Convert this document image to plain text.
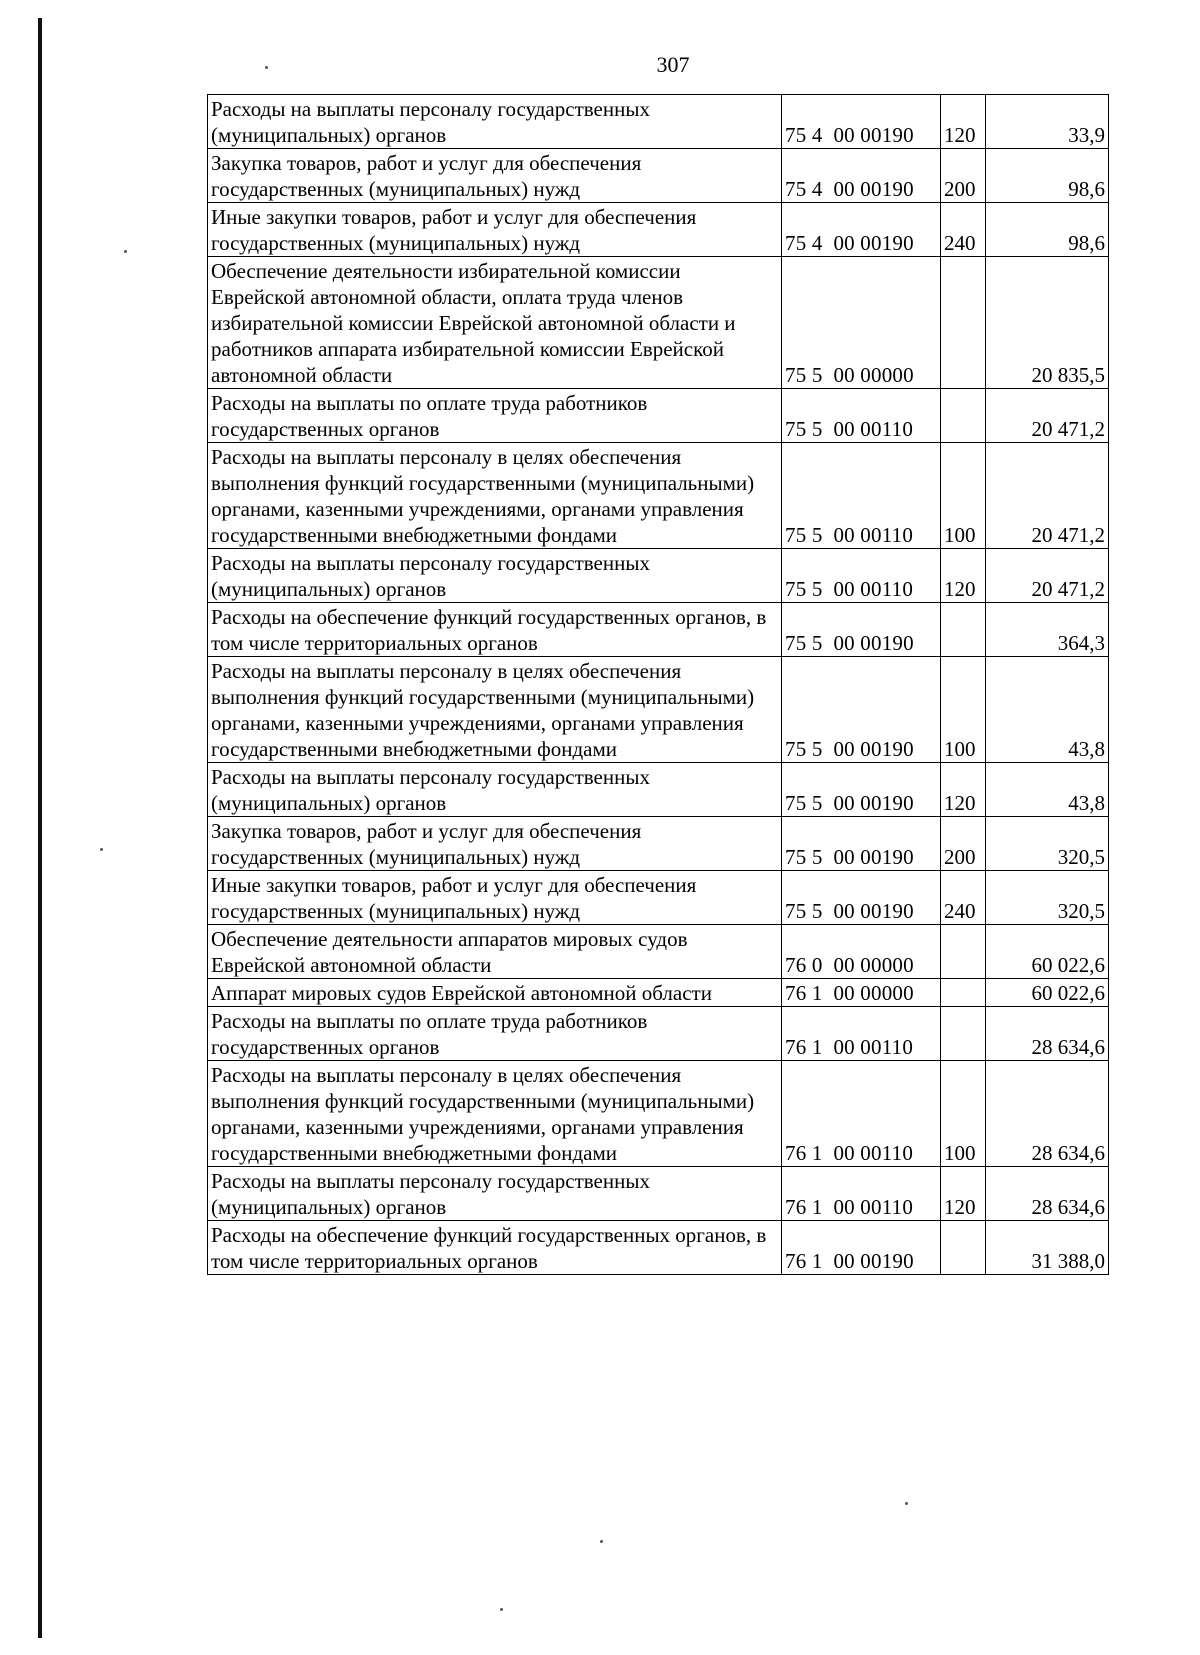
307
Расходы на выплаты персоналу государственных (муниципальных) органов	75 4  00 00190	120	33,9
Закупка товаров, работ и услуг для обеспечения государственных (муниципальных) нужд	75 4  00 00190	200	98,6
Иные закупки товаров, работ и услуг для обеспечения государственных (муниципальных) нужд	75 4  00 00190	240	98,6
Обеспечение деятельности избирательной комиссии Еврейской автономной области, оплата труда членов избирательной комиссии Еврейской автономной области и работников аппарата избирательной комиссии Еврейской автономной области	75 5  00 00000		20 835,5
Расходы на выплаты по оплате труда работников государственных органов	75 5  00 00110		20 471,2
Расходы на выплаты персоналу в целях обеспечения выполнения функций государственными (муниципальными) органами, казенными учреждениями, органами управления государственными внебюджетными фондами	75 5  00 00110	100	20 471,2
Расходы на выплаты персоналу государственных (муниципальных) органов	75 5  00 00110	120	20 471,2
Расходы на обеспечение функций государственных органов, в том числе территориальных органов	75 5  00 00190		364,3
Расходы на выплаты персоналу в целях обеспечения выполнения функций государственными (муниципальными) органами, казенными учреждениями, органами управления государственными внебюджетными фондами	75 5  00 00190	100	43,8
Расходы на выплаты персоналу государственных (муниципальных) органов	75 5  00 00190	120	43,8
Закупка товаров, работ и услуг для обеспечения государственных (муниципальных) нужд	75 5  00 00190	200	320,5
Иные закупки товаров, работ и услуг для обеспечения государственных (муниципальных) нужд	75 5  00 00190	240	320,5
Обеспечение деятельности аппаратов мировых судов Еврейской автономной области	76 0  00 00000		60 022,6
Аппарат мировых судов Еврейской автономной области	76 1  00 00000		60 022,6
Расходы на выплаты по оплате труда работников государственных органов	76 1  00 00110		28 634,6
Расходы на выплаты персоналу в целях обеспечения выполнения функций государственными (муниципальными) органами, казенными учреждениями, органами управления государственными внебюджетными фондами	76 1  00 00110	100	28 634,6
Расходы на выплаты персоналу государственных (муниципальных) органов	76 1  00 00110	120	28 634,6
Расходы на обеспечение функций государственных органов, в том числе территориальных органов	76 1  00 00190		31 388,0
